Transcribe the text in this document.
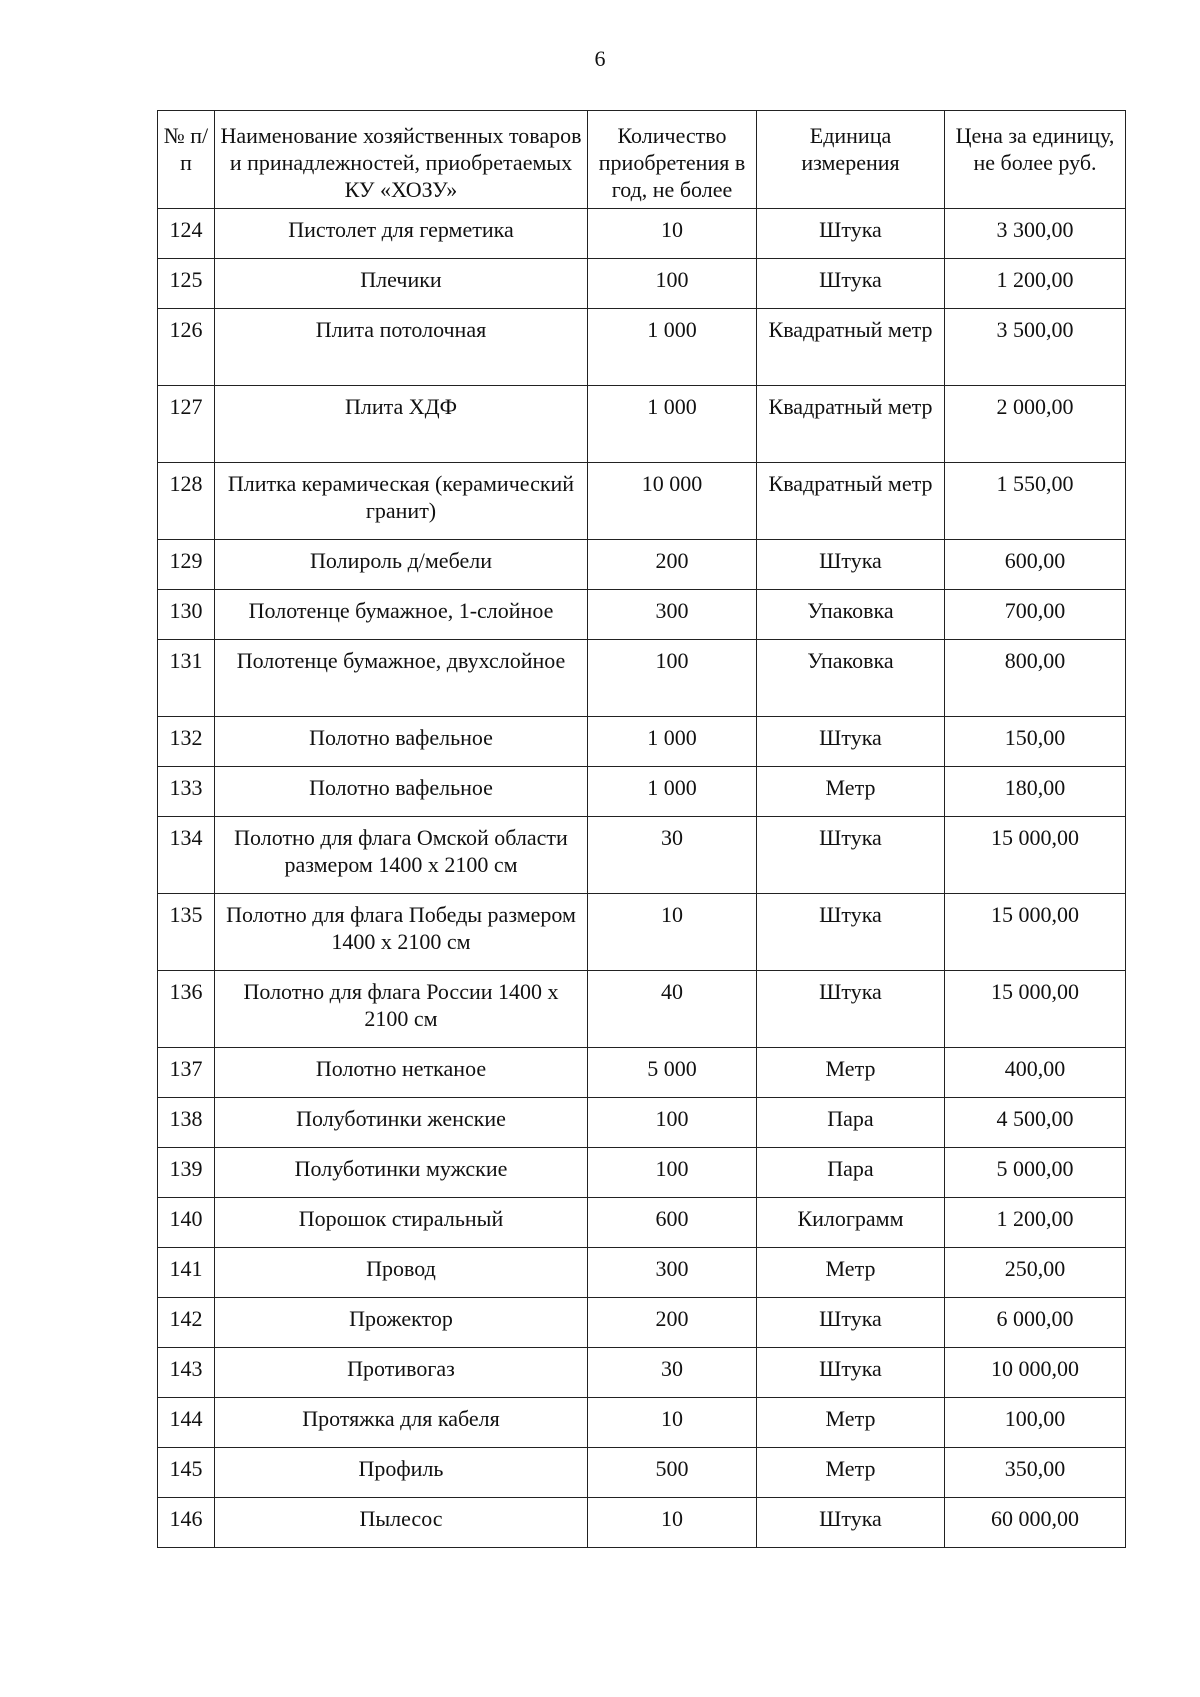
6
№ п/п	Наименование хозяйственных товаров и принадлежностей, приобретаемых КУ «ХОЗУ»	Количество приобретения в год, не более	Единица измерения	Цена за единицу, не более руб.
124	Пистолет для герметика	10	Штука	3 300,00
125	Плечики	100	Штука	1 200,00
126	Плита потолочная	1 000	Квадратный метр	3 500,00
127	Плита ХДФ	1 000	Квадратный метр	2 000,00
128	Плитка керамическая (керамический гранит)	10 000	Квадратный метр	1 550,00
129	Полироль д/мебели	200	Штука	600,00
130	Полотенце бумажное, 1-слойное	300	Упаковка	700,00
131	Полотенце бумажное, двухслойное	100	Упаковка	800,00
132	Полотно вафельное	1 000	Штука	150,00
133	Полотно вафельное	1 000	Метр	180,00
134	Полотно для флага Омской области размером 1400 х 2100 см	30	Штука	15 000,00
135	Полотно для флага Победы размером 1400 х 2100 см	10	Штука	15 000,00
136	Полотно для флага России 1400 х 2100 см	40	Штука	15 000,00
137	Полотно нетканое	5 000	Метр	400,00
138	Полуботинки женские	100	Пара	4 500,00
139	Полуботинки мужские	100	Пара	5 000,00
140	Порошок стиральный	600	Килограмм	1 200,00
141	Провод	300	Метр	250,00
142	Прожектор	200	Штука	6 000,00
143	Противогаз	30	Штука	10 000,00
144	Протяжка для кабеля	10	Метр	100,00
145	Профиль	500	Метр	350,00
146	Пылесос	10	Штука	60 000,00
